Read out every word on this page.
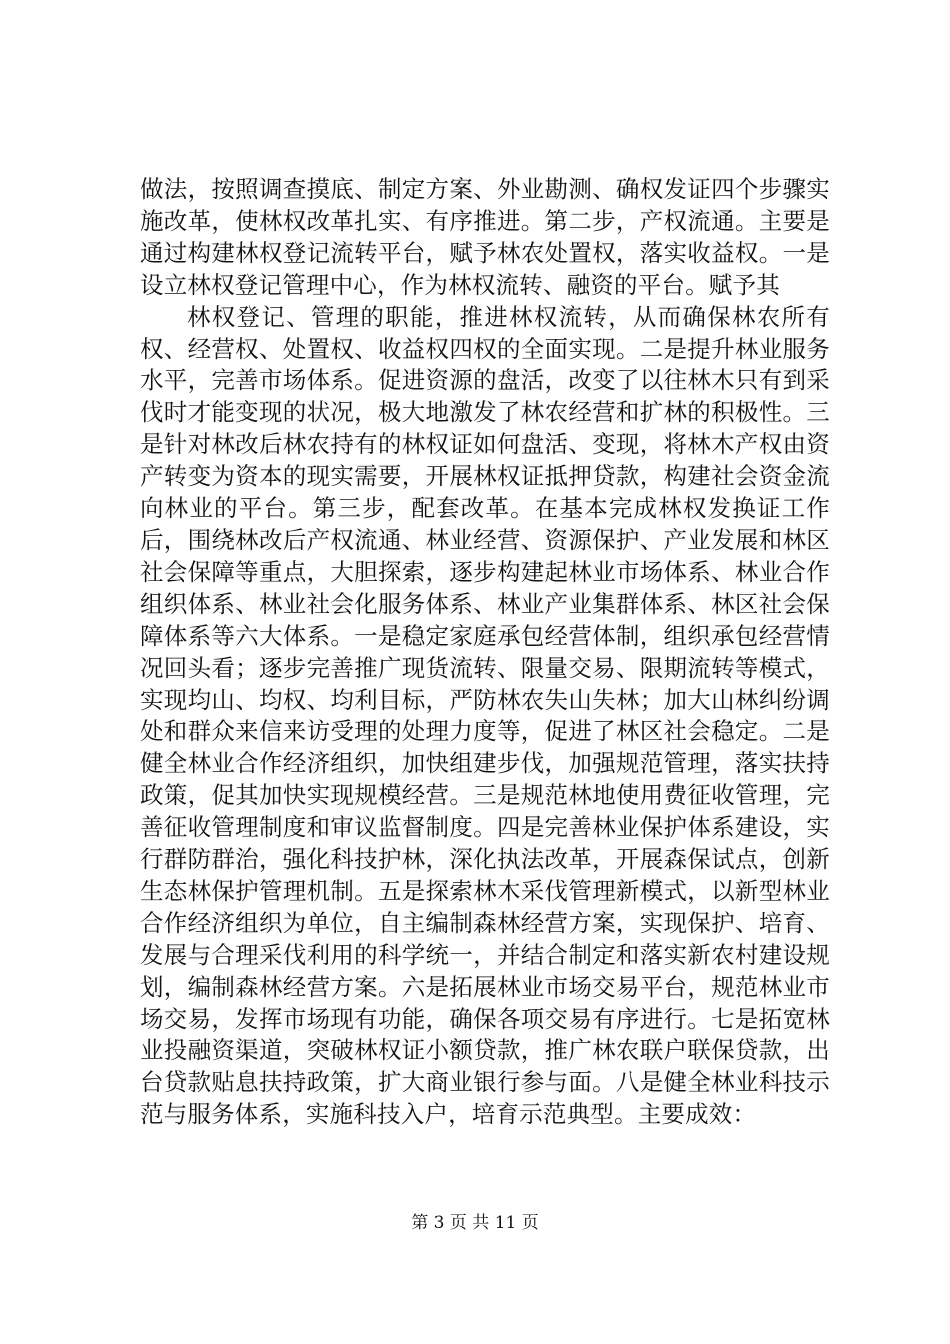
做法，按照调查摸底、制定方案、外业勘测、确权发证四个步骤实施改革，使林权改革扎实、有序推进。第二步，产权流通。主要是通过构建林权登记流转平台，赋予林农处置权，落实收益权。一是设立林权登记管理中心，作为林权流转、融资的平台。赋予其

林权登记、管理的职能，推进林权流转，从而确保林农所有权、经营权、处置权、收益权四权的全面实现。二是提升林业服务水平，完善市场体系。促进资源的盘活，改变了以往林木只有到采伐时才能变现的状况，极大地激发了林农经营和扩林的积极性。三是针对林改后林农持有的林权证如何盘活、变现，将林木产权由资产转变为资本的现实需要，开展林权证抵押贷款，构建社会资金流向林业的平台。第三步，配套改革。在基本完成林权发换证工作后，围绕林改后产权流通、林业经营、资源保护、产业发展和林区社会保障等重点，大胆探索，逐步构建起林业市场体系、林业合作组织体系、林业社会化服务体系、林业产业集群体系、林区社会保障体系等六大体系。一是稳定家庭承包经营体制，组织承包经营情况回头看；逐步完善推广现货流转、限量交易、限期流转等模式，实现均山、均权、均利目标，严防林农失山失林；加大山林纠纷调处和群众来信来访受理的处理力度等，促进了林区社会稳定。二是健全林业合作经济组织，加快组建步伐，加强规范管理，落实扶持政策，促其加快实现规模经营。三是规范林地使用费征收管理，完善征收管理制度和审议监督制度。四是完善林业保护体系建设，实行群防群治，强化科技护林，深化执法改革，开展森保试点，创新生态林保护管理机制。五是探索林木采伐管理新模式，以新型林业合作经济组织为单位，自主编制森林经营方案，实现保护、培育、发展与合理采伐利用的科学统一，并结合制定和落实新农村建设规划，编制森林经营方案。六是拓展林业市场交易平台，规范林业市场交易，发挥市场现有功能，确保各项交易有序进行。七是拓宽林业投融资渠道，突破林权证小额贷款，推广林农联户联保贷款，出台贷款贴息扶持政策，扩大商业银行参与面。八是健全林业科技示范与服务体系，实施科技入户，培育示范典型。主要成效：

第 3 页 共 11 页
